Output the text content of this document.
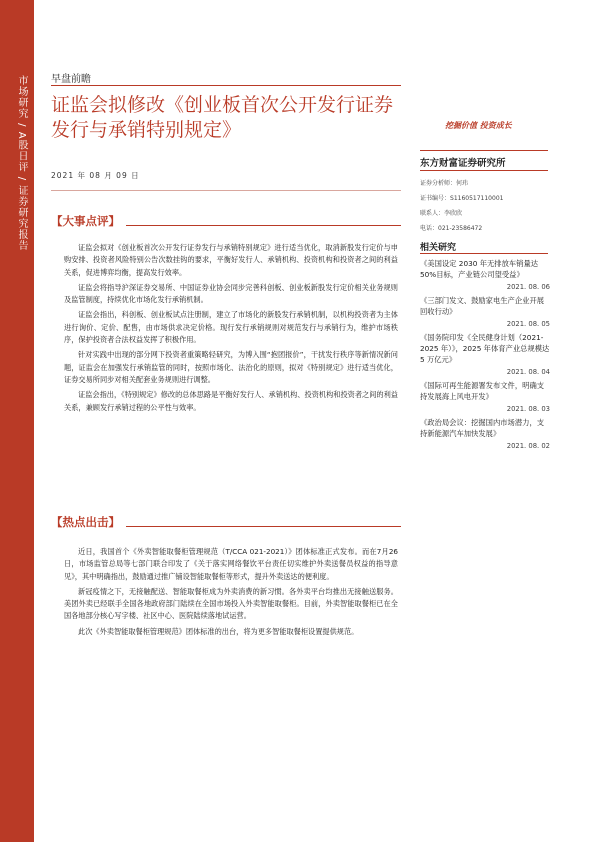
市场研究 / A股日评 / 证券研究报告 早盘前瞻
证监会拟修改《创业板首次公开发行证券发行与承销特别规定》
2021 年 08 月 09 日
挖掘价值 投资成长
东方财富证券研究所
证券分析师：何玮
证书编号：S1160517110001
联系人：李欣欣
电话：021-23586472
相关研究
《美国设定 2030 年无排放车销量达 50%目标，产业链公司望受益》
2021. 08. 06
《三部门发文、鼓励家电生产企业开展回收行动》
2021. 08. 05
《国务院印发《全民健身计划（2021-2025 年）》，2025 年体育产业总规模达 5 万亿元》
2021. 08. 04
《国际可再生能源署发布文件，明确支持发展海上风电开发》
2021. 08. 03
《政治局会议：挖掘国内市场潜力，支持新能源汽车加快发展》
2021. 08. 02
【大事点评】

证监会拟对《创业板首次公开发行证券发行与承销特别规定》进行适当优化，取消新股发行定价与申购安排、投资者风险特别公告次数挂钩的要求，平衡好发行人、承销机构、投资机构和投资者之间的利益关系，促进博弈均衡，提高发行效率。

证监会将指导沪深证券交易所、中国证券业协会同步完善科创板、创业板新股发行定价相关业务规则及监管制度，持续优化市场化发行承销机制。

证监会指出，科创板、创业板试点注册制，建立了市场化的新股发行承销机制，以机构投资者为主体进行询价、定价、配售，由市场供求决定价格。现行发行承销规则对规范发行与承销行为，维护市场秩序，保护投资者合法权益发挥了积极作用。

针对实践中出现的部分网下投资者重策略轻研究，为博入围“抱团报价”，干扰发行秩序等新情况新问题，证监会在加强发行承销监管的同时，按照市场化、法治化的原则，拟对《特别规定》进行适当优化，证券交易所同步对相关配套业务规则进行调整。

证监会指出，《特别规定》修改的总体思路是平衡好发行人、承销机构、投资机构和投资者之间的利益关系，兼顾发行承销过程的公平性与效率。

【热点出击】

近日，我国首个《外卖智能取餐柜管理规范（T/CCA 021-2021）》团体标准正式发布。而在7月26日，市场监管总局等七部门联合印发了《关于落实网络餐饮平台责任切实维护外卖送餐员权益的指导意见》，其中明确指出，鼓励通过推广铺设智能取餐柜等形式，提升外卖送达的便利度。

新冠疫情之下，无接触配送、智能取餐柜成为外卖消费的新习惯。各外卖平台均推出无接触送服务。美团外卖已经联手全国各地政府部门陆续在全国市场投入外卖智能取餐柜。目前，外卖智能取餐柜已在全国各地部分核心写字楼、社区中心、医院陆续落地试运营。

此次《外卖智能取餐柜管理规范》团体标准的出台，将为更多智能取餐柜设置提供规范。
